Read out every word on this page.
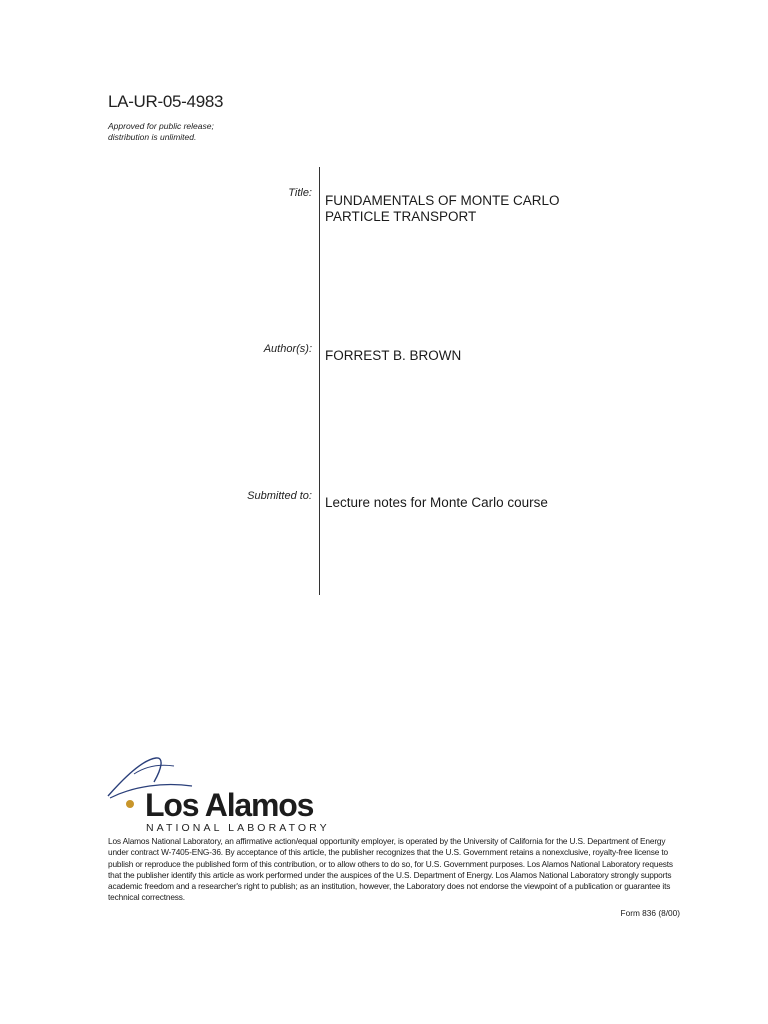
LA-UR-05-4983
Approved for public release;
distribution is unlimited.
Title: FUNDAMENTALS OF MONTE CARLO
PARTICLE TRANSPORT
Author(s): FORREST B. BROWN
Submitted to: Lecture notes for Monte Carlo course
Los Alamos
NATIONAL LABORATORY
Los Alamos National Laboratory, an affirmative action/equal opportunity employer, is operated by the University of California for the U.S. Department of Energy under contract W-7405-ENG-36. By acceptance of this article, the publisher recognizes that the U.S. Government retains a nonexclusive, royalty-free license to publish or reproduce the published form of this contribution, or to allow others to do so, for U.S. Government purposes. Los Alamos National Laboratory requests that the publisher identify this article as work performed under the auspices of the U.S. Department of Energy. Los Alamos National Laboratory strongly supports academic freedom and a researcher's right to publish; as an institution, however, the Laboratory does not endorse the viewpoint of a publication or guarantee its technical correctness.
Form 836 (8/00)
